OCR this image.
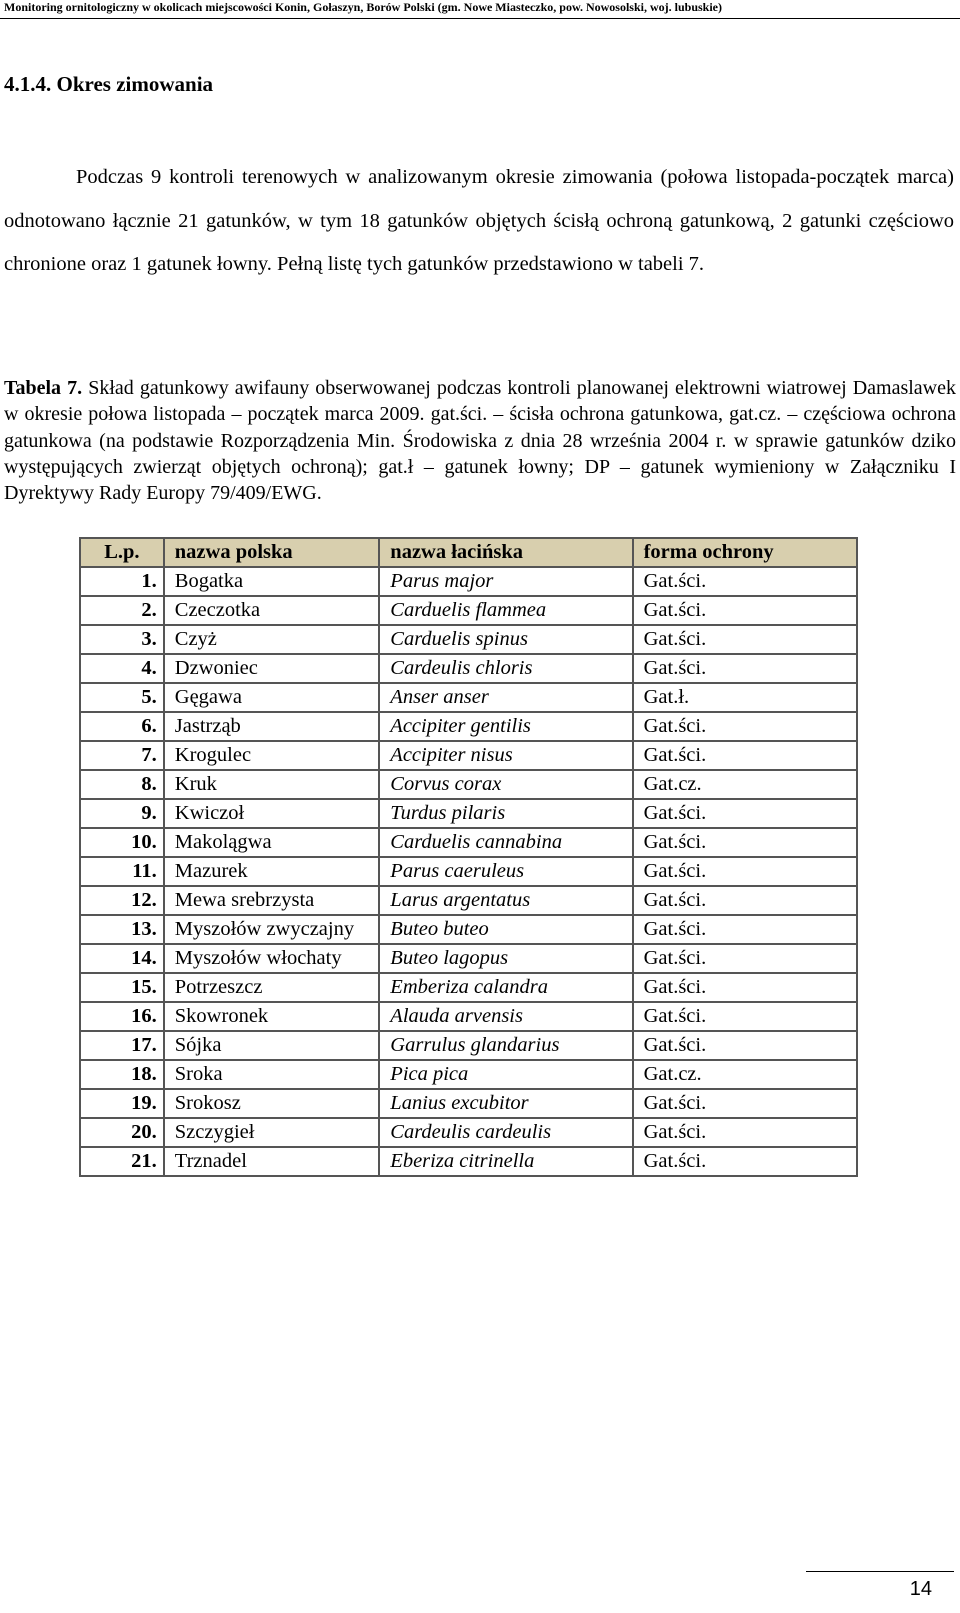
Monitoring ornitologiczny w okolicach miejscowości Konin, Gołaszyn, Borów Polski (gm. Nowe Miasteczko, pow. Nowosolski, woj. lubuskie)
4.1.4. Okres zimowania

Podczas 9 kontroli terenowych w analizowanym okresie zimowania (połowa listopada-początek marca) odnotowano łącznie 21 gatunków, w tym 18 gatunków objętych ścisłą ochroną gatunkową, 2 gatunki częściowo chronione oraz 1 gatunek łowny. Pełną listę tych gatunków przedstawiono w tabeli 7.

Tabela 7. Skład gatunkowy awifauny obserwowanej podczas kontroli planowanej elektrowni wiatrowej Damaslawek w okresie połowa listopada – początek marca 2009. gat.ści. – ścisła ochrona gatunkowa, gat.cz. – częściowa ochrona gatunkowa (na podstawie Rozporządzenia Min. Środowiska z dnia 28 września 2004 r. w sprawie gatunków dziko występujących zwierząt objętych ochroną); gat.ł – gatunek łowny; DP – gatunek wymieniony w Załączniku I Dyrektywy Rady Europy 79/409/EWG.

L.p.	nazwa polska	nazwa łacińska	forma ochrony
1.	Bogatka	Parus major	Gat.ści.
2.	Czeczotka	Carduelis flammea	Gat.ści.
3.	Czyż	Carduelis spinus	Gat.ści.
4.	Dzwoniec	Cardeulis chloris	Gat.ści.
5.	Gęgawa	Anser anser	Gat.ł.
6.	Jastrząb	Accipiter gentilis	Gat.ści.
7.	Krogulec	Accipiter nisus	Gat.ści.
8.	Kruk	Corvus corax	Gat.cz.
9.	Kwiczoł	Turdus pilaris	Gat.ści.
10.	Makolągwa	Carduelis cannabina	Gat.ści.
11.	Mazurek	Parus caeruleus	Gat.ści.
12.	Mewa srebrzysta	Larus argentatus	Gat.ści.
13.	Myszołów zwyczajny	Buteo buteo	Gat.ści.
14.	Myszołów włochaty	Buteo lagopus	Gat.ści.
15.	Potrzeszcz	Emberiza calandra	Gat.ści.
16.	Skowronek	Alauda arvensis	Gat.ści.
17.	Sójka	Garrulus glandarius	Gat.ści.
18.	Sroka	Pica pica	Gat.cz.
19.	Srokosz	Lanius excubitor	Gat.ści.
20.	Szczygieł	Cardeulis cardeulis	Gat.ści.
21.	Trznadel	Eberiza citrinella	Gat.ści.
14
